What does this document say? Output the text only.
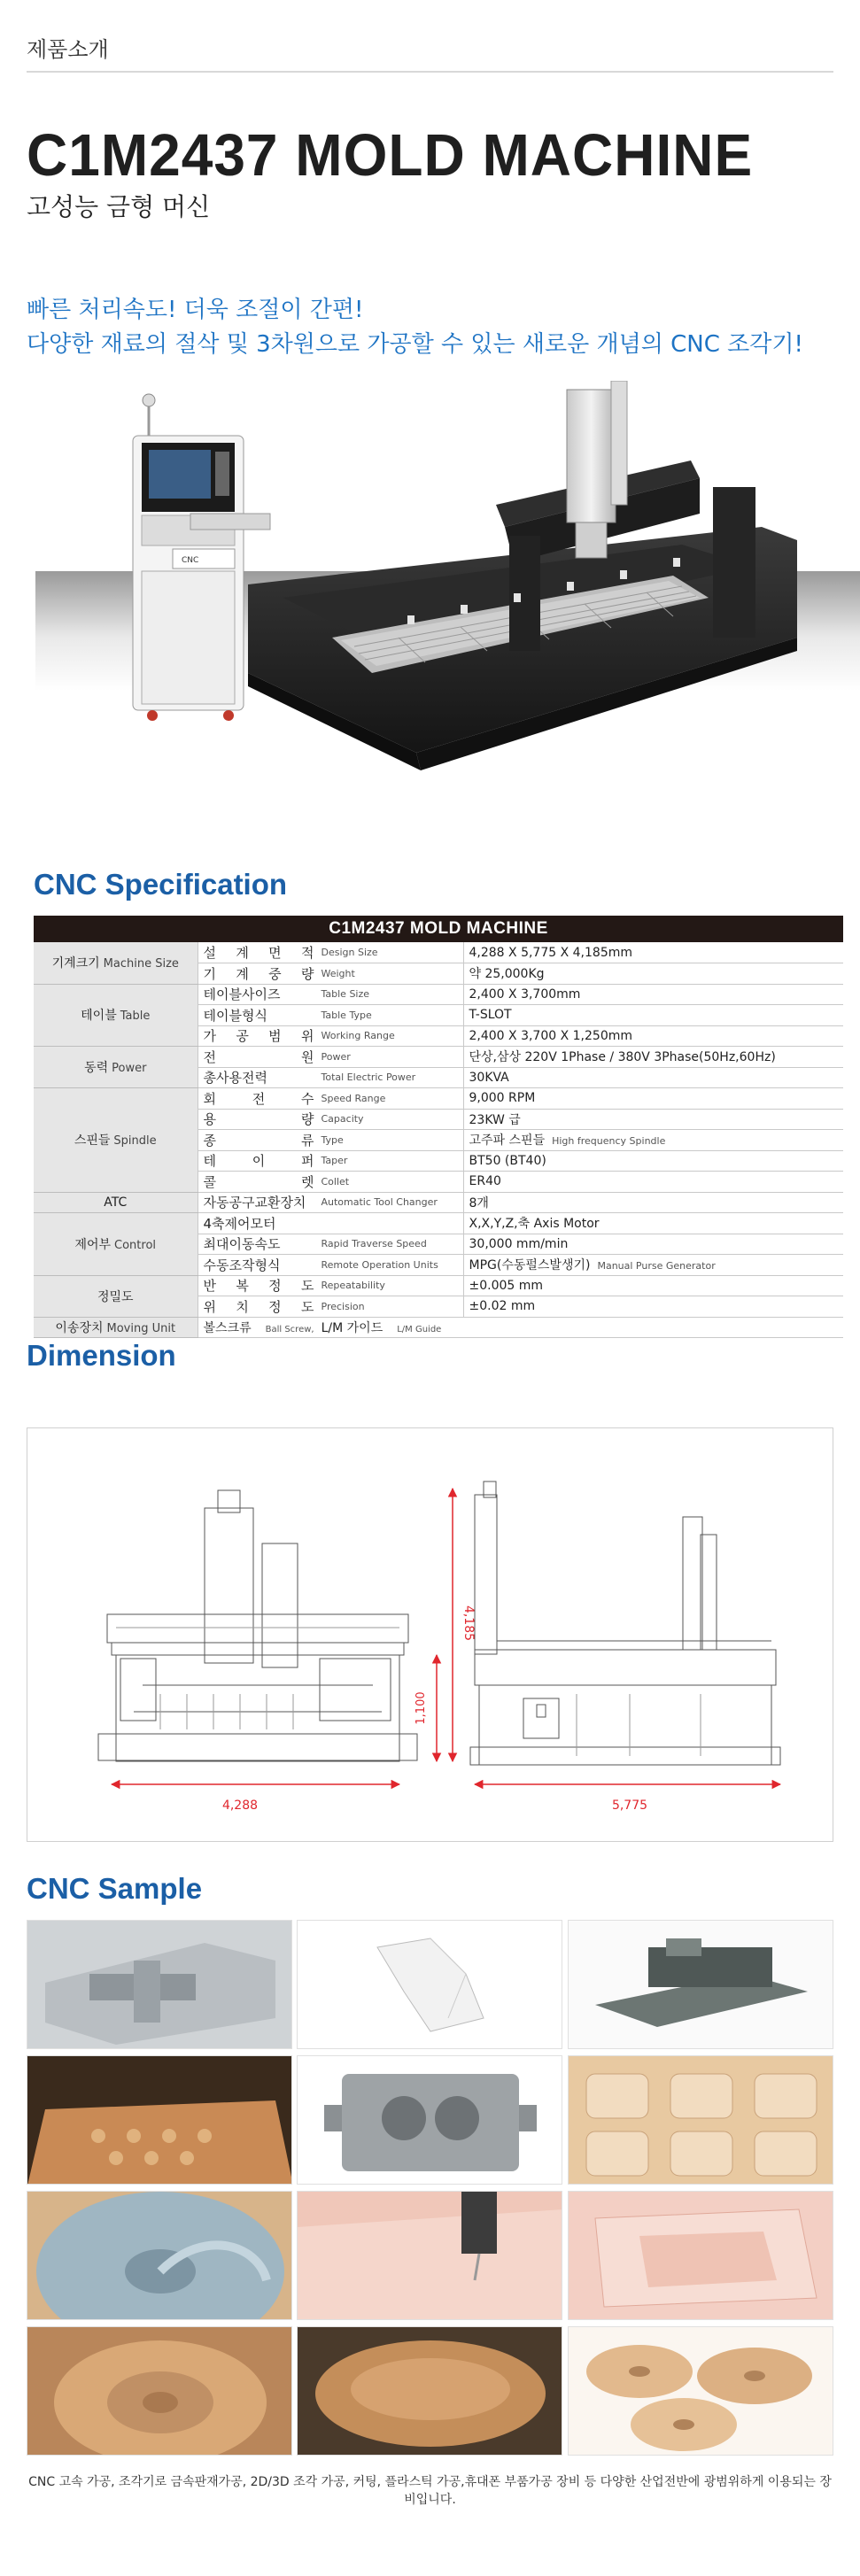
제품소개
C1M2437 MOLD MACHINE
고성능 금형 머신
빠른 처리속도! 더욱 조절이 간편!
다양한 재료의 절삭 및 3차원으로 가공할 수 있는 새로운 개념의 CNC 조각기!
CNC
CNC Specification
C1M2437 MOLD MACHINE		
기계크기 Machine Size	설 계 면 적 Design Size	4,288 X 5,775 X 4,185mm
	기 계 중 량 Weight	약 25,000Kg
테이블 Table	테이블사이즈 Table Size	2,400 X 3,700mm
	테이블형식 Table Type	T-SLOT
	가 공 범 위 Working Range	2,400 X 3,700 X 1,250mm
동력 Power	전 원 Power	단상,삼상 220V 1Phase / 380V 3Phase(50Hz,60Hz)
	총사용전력 Total Electric Power	30KVA
스핀들 Spindle	회 전 수 Speed Range	9,000 RPM
	용 량 Capacity	23KW 급
	종 류 Type	고주파 스핀들 High frequency Spindle
	테 이 퍼 Taper	BT50 (BT40)
	콜 렛 Collet	ER40
ATC	자동공구교환장치 Automatic Tool Changer	8개
제어부 Control	4축제어모터	X,X,Y,Z,축 Axis Motor
	최대이동속도 Rapid Traverse Speed	30,000 mm/min
	수동조작형식 Remote Operation Units	MPG(수동펄스발생기) Manual Purse Generator
정밀도	반 복 정 도 Repeatability	±0.005 mm
	위 치 정 도 Precision	±0.02 mm
이송장치 Moving Unit	볼스크류 Ball Screw, L/M 가이드 L/M Guide	
Dimension
4,288
4,185
1,100
5,775
CNC Sample
CNC 고속 가공, 조각기로 금속판재가공, 2D/3D 조각 가공, 커팅, 플라스틱 가공,휴대폰 부품가공 장비 등 다양한 산업전반에 광범위하게 이용되는 장비입니다.
